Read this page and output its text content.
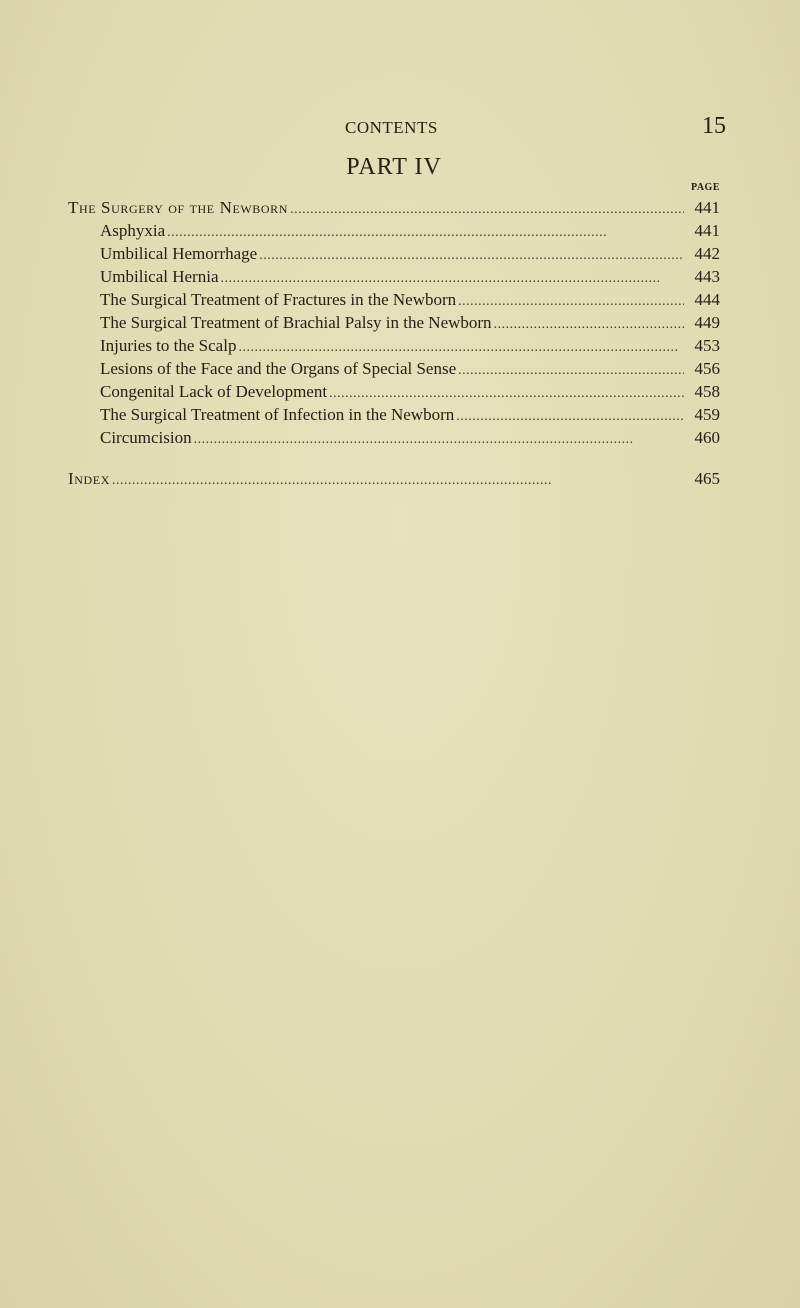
CONTENTS	15
PART IV
PAGE
The Surgery of the Newborn . . .	441
Asphyxia . . .	441
Umbilical Hemorrhage . . .	442
Umbilical Hernia . . .	443
The Surgical Treatment of Fractures in the Newborn . . .	444
The Surgical Treatment of Brachial Palsy in the Newborn . . .	449
Injuries to the Scalp . . .	453
Lesions of the Face and the Organs of Special Sense . . .	456
Congenital Lack of Development . . .	458
The Surgical Treatment of Infection in the Newborn . . .	459
Circumcision . . .	460
Index . . .	465
